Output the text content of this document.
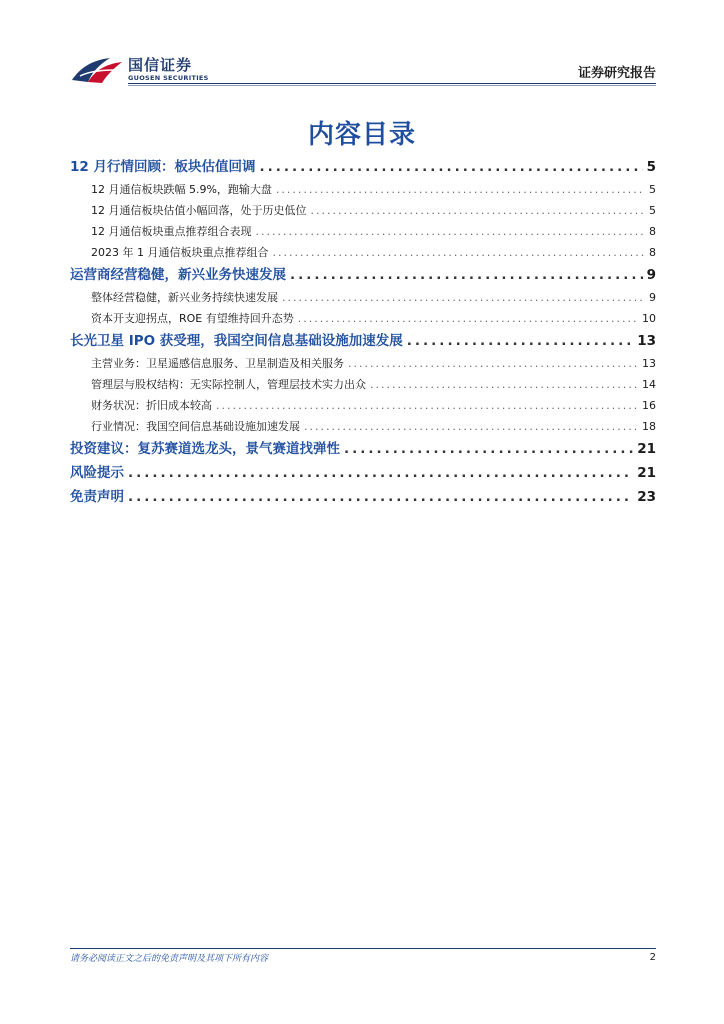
国信证券
GUOSEN SECURITIES	证券研究报告
内容目录
12 月行情回顾：板块估值回调 .....	5
12 月通信板块跌幅 5.9%，跑输大盘 .....	5
12 月通信板块估值小幅回落，处于历史低位 .....	5
12 月通信板块重点推荐组合表现 .....	8
2023 年 1 月通信板块重点推荐组合 .....	8
运营商经营稳健，新兴业务快速发展 .....	9
整体经营稳健，新兴业务持续快速发展 .....	9
资本开支迎拐点，ROE 有望维持回升态势 .....	10
长光卫星 IPO 获受理，我国空间信息基础设施加速发展 .....	13
主营业务：卫星遥感信息服务、卫星制造及相关服务 .....	13
管理层与股权结构：无实际控制人，管理层技术实力出众 .....	14
财务状况：折旧成本较高 .....	16
行业情况：我国空间信息基础设施加速发展 .....	18
投资建议：复苏赛道选龙头，景气赛道找弹性 .....	21
风险提示 .....	21
免责声明 .....	23
请务必阅读正文之后的免责声明及其项下所有内容	2
